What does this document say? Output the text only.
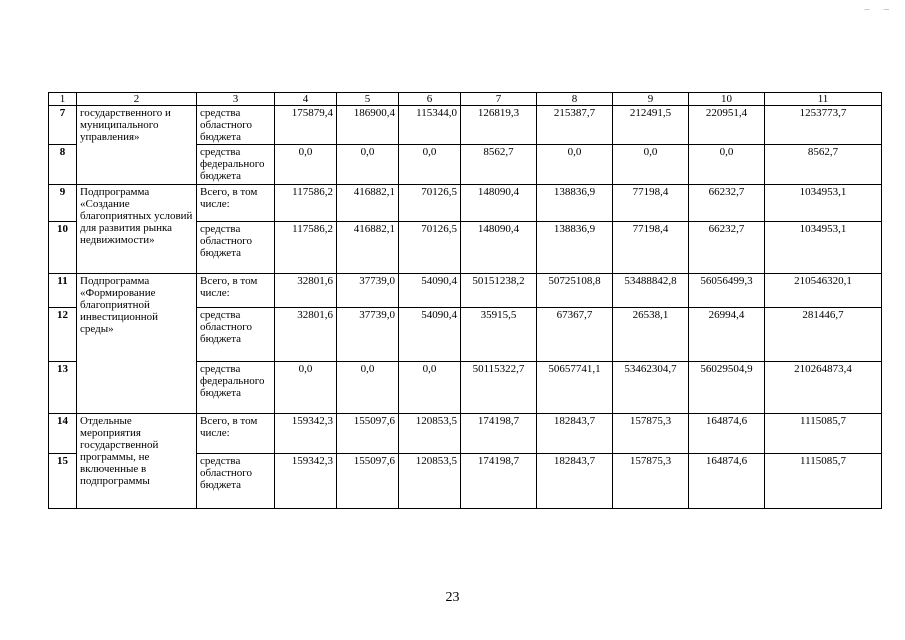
_ _
1	2	3	4	5	6	7	8	9	10	11
7	государственного и муниципального управления»	средства областного бюджета	175879,4	186900,4	115344,0	126819,3	215387,7	212491,5	220951,4	1253773,7
8		средства федерального бюджета	0,0	0,0	0,0	8562,7	0,0	0,0	0,0	8562,7
9	Подпрограмма «Создание благоприятных условий для развития рынка недвижимости»	Всего, в том числе:	117586,2	416882,1	70126,5	148090,4	138836,9	77198,4	66232,7	1034953,1
10		средства областного бюджета	117586,2	416882,1	70126,5	148090,4	138836,9	77198,4	66232,7	1034953,1
11	Подпрограмма «Формирование благоприятной инвестиционной среды»	Всего, в том числе:	32801,6	37739,0	54090,4	50151238,2	50725108,8	53488842,8	56056499,3	210546320,1
12		средства областного бюджета	32801,6	37739,0	54090,4	35915,5	67367,7	26538,1	26994,4	281446,7
13		средства федерального бюджета	0,0	0,0	0,0	50115322,7	50657741,1	53462304,7	56029504,9	210264873,4
14	Отдельные мероприятия государственной программы, не включенные в подпрограммы	Всего, в том числе:	159342,3	155097,6	120853,5	174198,7	182843,7	157875,3	164874,6	1115085,7
15		средства областного бюджета	159342,3	155097,6	120853,5	174198,7	182843,7	157875,3	164874,6	1115085,7
23
